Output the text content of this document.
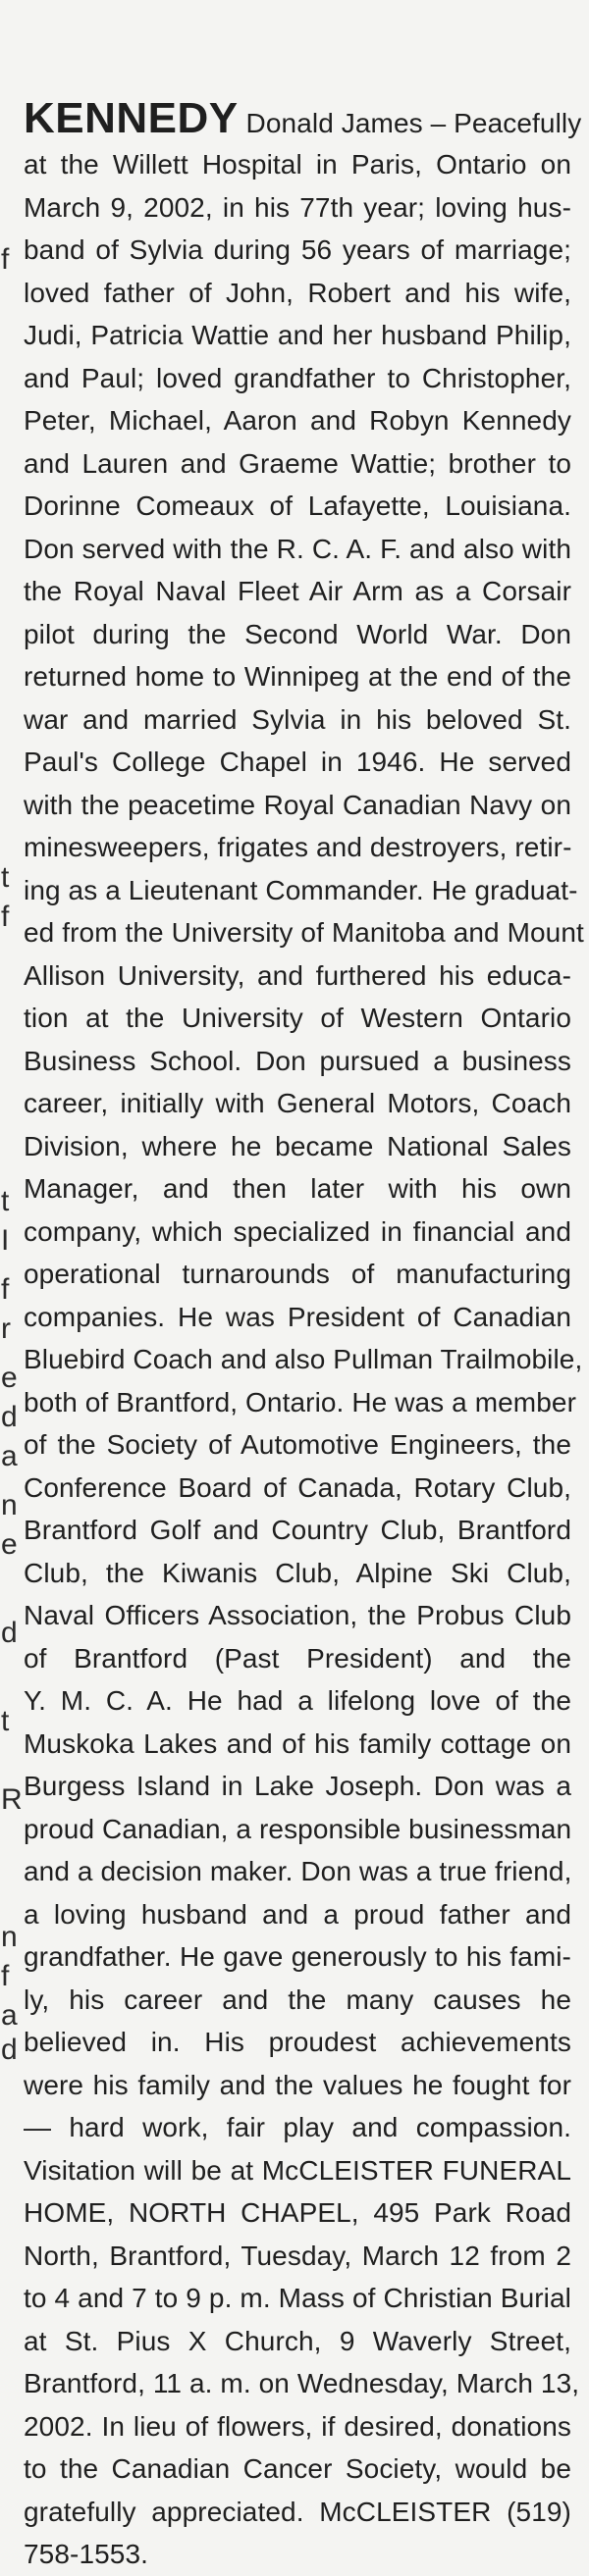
f
t
f
t
I
f
r
e
d
a
n
e
d
t
R
n
f
a
d
KENNEDY Donald James – Peacefully
at the Willett Hospital in Paris, Ontario on
March 9, 2002, in his 77th year; loving hus-
band of Sylvia during 56 years of marriage;
loved father of John, Robert and his wife,
Judi, Patricia Wattie and her husband Philip,
and Paul; loved grandfather to Christopher,
Peter, Michael, Aaron and Robyn Kennedy
and Lauren and Graeme Wattie; brother to
Dorinne Comeaux of Lafayette, Louisiana.
Don served with the R. C. A. F. and also with
the Royal Naval Fleet Air Arm as a Corsair
pilot during the Second World War. Don
returned home to Winnipeg at the end of the
war and married Sylvia in his beloved St.
Paul's College Chapel in 1946. He served
with the peacetime Royal Canadian Navy on
minesweepers, frigates and destroyers, retir-
ing as a Lieutenant Commander. He graduat-
ed from the University of Manitoba and Mount
Allison University, and furthered his educa-
tion at the University of Western Ontario
Business School. Don pursued a business
career, initially with General Motors, Coach
Division, where he became National Sales
Manager, and then later with his own
company, which specialized in financial and
operational turnarounds of manufacturing
companies. He was President of Canadian
Bluebird Coach and also Pullman Trailmobile,
both of Brantford, Ontario. He was a member
of the Society of Automotive Engineers, the
Conference Board of Canada, Rotary Club,
Brantford Golf and Country Club, Brantford
Club, the Kiwanis Club, Alpine Ski Club,
Naval Officers Association, the Probus Club
of Brantford (Past President) and the
Y. M. C. A. He had a lifelong love of the
Muskoka Lakes and of his family cottage on
Burgess Island in Lake Joseph. Don was a
proud Canadian, a responsible businessman
and a decision maker. Don was a true friend,
a loving husband and a proud father and
grandfather. He gave generously to his fami-
ly, his career and the many causes he
believed in. His proudest achievements
were his family and the values he fought for
— hard work, fair play and compassion.
Visitation will be at McCLEISTER FUNERAL
HOME, NORTH CHAPEL, 495 Park Road
North, Brantford, Tuesday, March 12 from 2
to 4 and 7 to 9 p. m. Mass of Christian Burial
at St. Pius X Church, 9 Waverly Street,
Brantford, 11 a. m. on Wednesday, March 13,
2002. In lieu of flowers, if desired, donations
to the Canadian Cancer Society, would be
gratefully appreciated. McCLEISTER (519)
758-1553.
